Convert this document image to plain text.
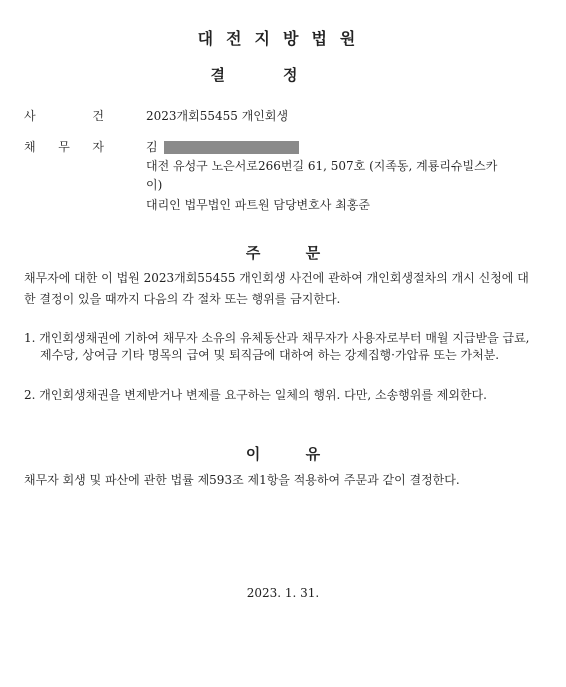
대전지방법원
결정
사	건	2023개회55455 개인회생
채 무 자	김
대전 유성구 노은서로266번길 61, 507호 (지족동, 계룡리슈빌스카
이)
대리인 법무법인 파트원 담당변호사 최홍준
주 문
채무자에 대한 이 법원 2023개회55455 개인회생 사건에 관하여 개인회생절차의 개시 신청에 대한 결정이 있을 때까지 다음의 각 절차 또는 행위를 금지한다.
1. 개인회생채권에 기하여 채무자 소유의 유체동산과 채무자가 사용자로부터 매월 지급받을 급료, 제수당, 상여금 기타 명목의 급여 및 퇴직금에 대하여 하는 강제집행·가압류 또는 가처분.
2. 개인회생채권을 변제받거나 변제를 요구하는 일체의 행위. 다만, 소송행위를 제외한다.
이 유
채무자 회생 및 파산에 관한 법률 제593조 제1항을 적용하여 주문과 같이 결정한다.
2023. 1. 31.
